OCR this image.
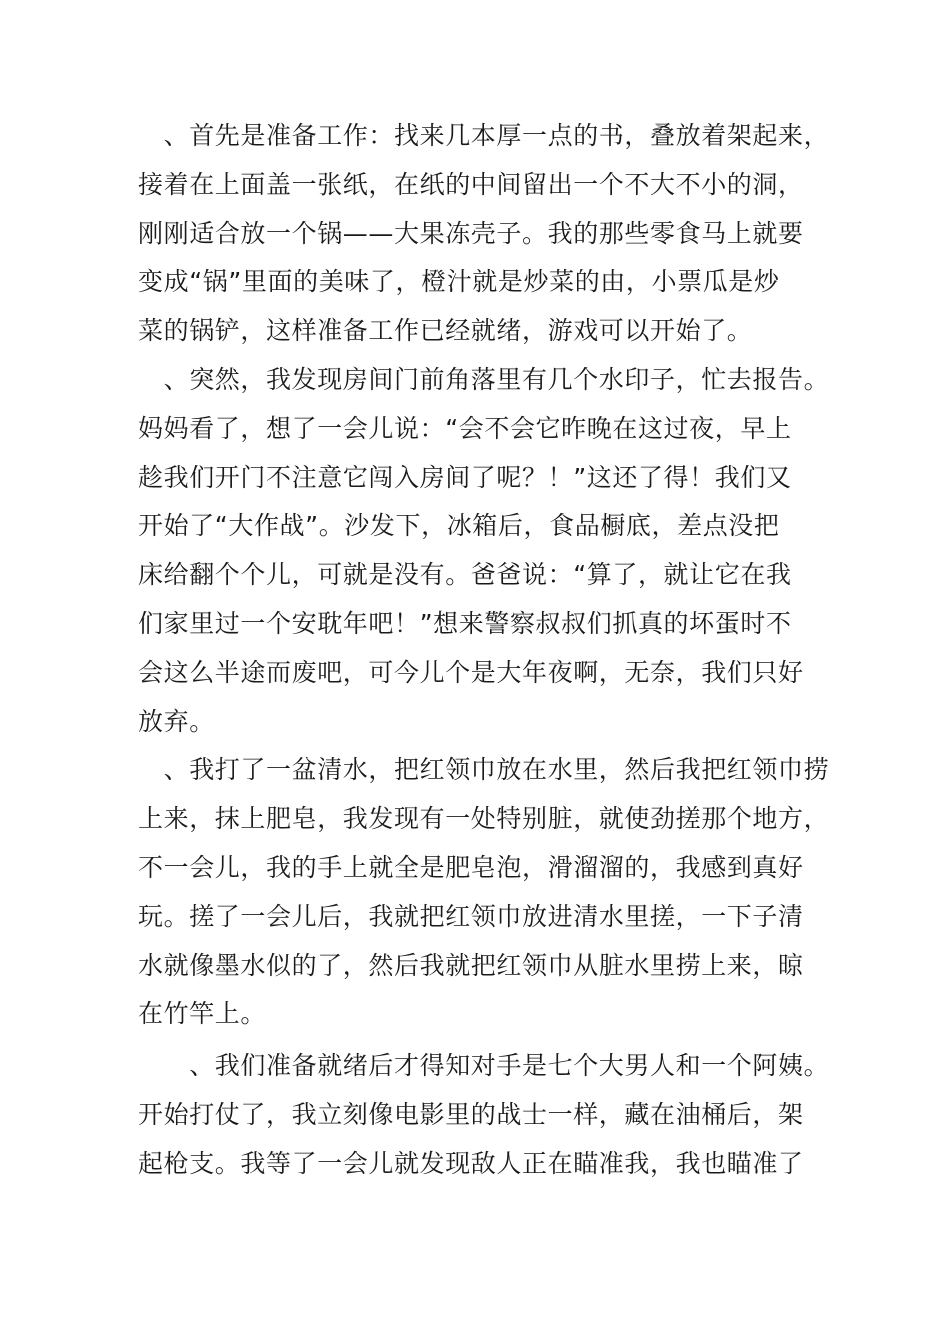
　、首先是准备工作：找来几本厚一点的书，叠放着架起来，
接着在上面盖一张纸，在纸的中间留出一个不大不小的洞，
刚刚适合放一个锅——大果冻壳子。我的那些零食马上就要
变成“锅”里面的美味了，橙汁就是炒菜的由，小票瓜是炒
菜的锅铲，这样准备工作已经就绪，游戏可以开始了。
　、突然，我发现房间门前角落里有几个水印子，忙去报告。
妈妈看了，想了一会儿说：“会不会它昨晚在这过夜，早上
趁我们开门不注意它闯入房间了呢？！”这还了得！我们又
开始了“大作战”。沙发下，冰箱后，食品橱底，差点没把
床给翻个个儿，可就是没有。爸爸说：“算了，就让它在我
们家里过一个安耽年吧！”想来警察叔叔们抓真的坏蛋时不
会这么半途而废吧，可今儿个是大年夜啊，无奈，我们只好
放弃。
　、我打了一盆清水，把红领巾放在水里，然后我把红领巾捞
上来，抹上肥皂，我发现有一处特别脏，就使劲搓那个地方，
不一会儿，我的手上就全是肥皂泡，滑溜溜的，我感到真好
玩。搓了一会儿后，我就把红领巾放进清水里搓，一下子清
水就像墨水似的了，然后我就把红领巾从脏水里捞上来，晾
在竹竿上。
　　、我们准备就绪后才得知对手是七个大男人和一个阿姨。
开始打仗了，我立刻像电影里的战士一样，藏在油桶后，架
起枪支。我等了一会儿就发现敌人正在瞄准我，我也瞄准了
